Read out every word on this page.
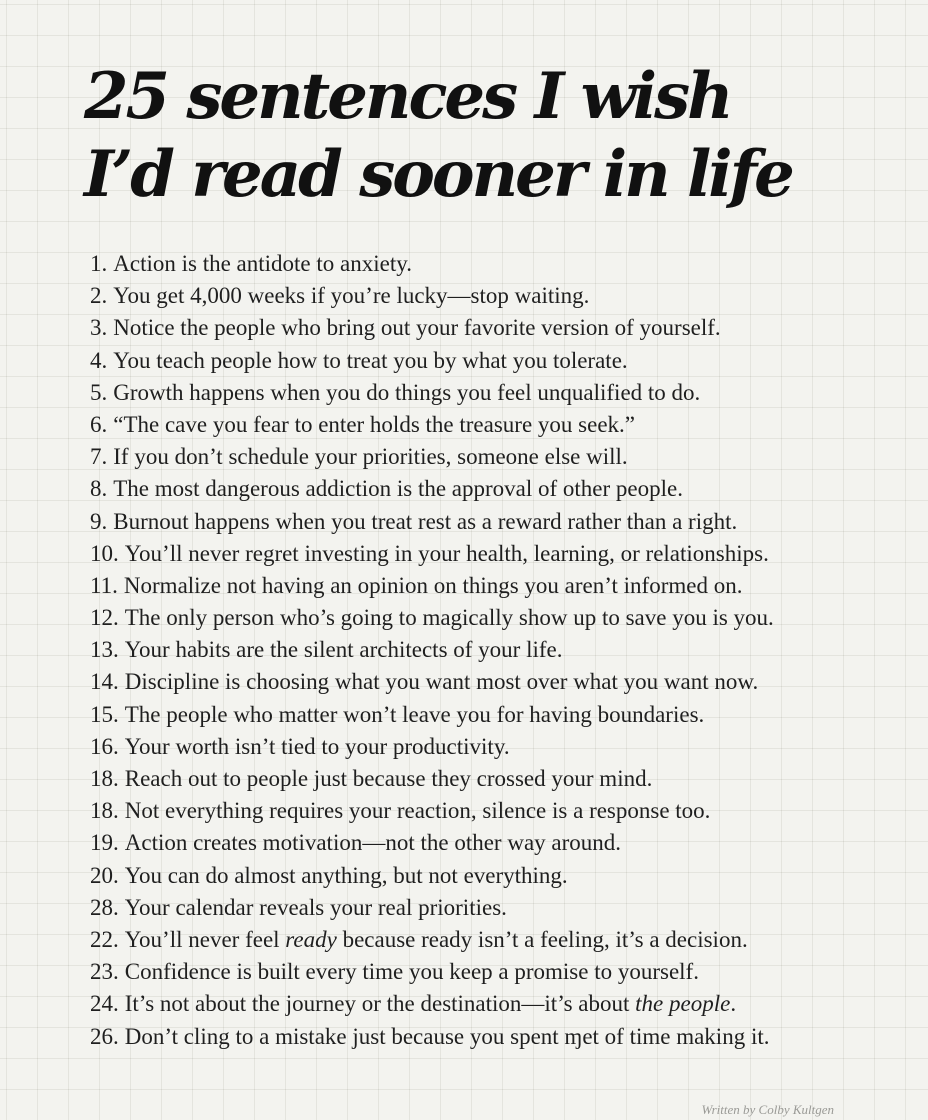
25 sentences I wish
I’d read sooner in life
1. Action is the antidote to anxiety.
2. You get 4,000 weeks if you’re lucky—stop waiting.
3. Notice the people who bring out your favorite version of yourself.
4. You teach people how to treat you by what you tolerate.
5. Growth happens when you do things you feel unqualified to do.
6. “The cave you fear to enter holds the treasure you seek.”
7. If you don’t schedule your priorities, someone else will.
8. The most dangerous addiction is the approval of other people.
9. Burnout happens when you treat rest as a reward rather than a right.
10. You’ll never regret investing in your health, learning, or relationships.
11. Normalize not having an opinion on things you aren’t informed on.
12. The only person who’s going to magically show up to save you is you.
13. Your habits are the silent architects of your life.
14. Discipline is choosing what you want most over what you want now.
15. The people who matter won’t leave you for having boundaries.
16. Your worth isn’t tied to your productivity.
18. Reach out to people just because they crossed your mind.
18. Not everything requires your reaction, silence is a response too.
19. Action creates motivation—not the other way around.
20. You can do almost anything, but not everything.
28. Your calendar reveals your real priorities.
22. You’ll never feel ready because ready isn’t a feeling, it’s a decision.
23. Confidence is built every time you keep a promise to yourself.
24. It’s not about the journey or the destination—it’s about the people.
26. Don’t cling to a mistake just because you spent ɱet of time making it.
Written by Colby Kultgen
